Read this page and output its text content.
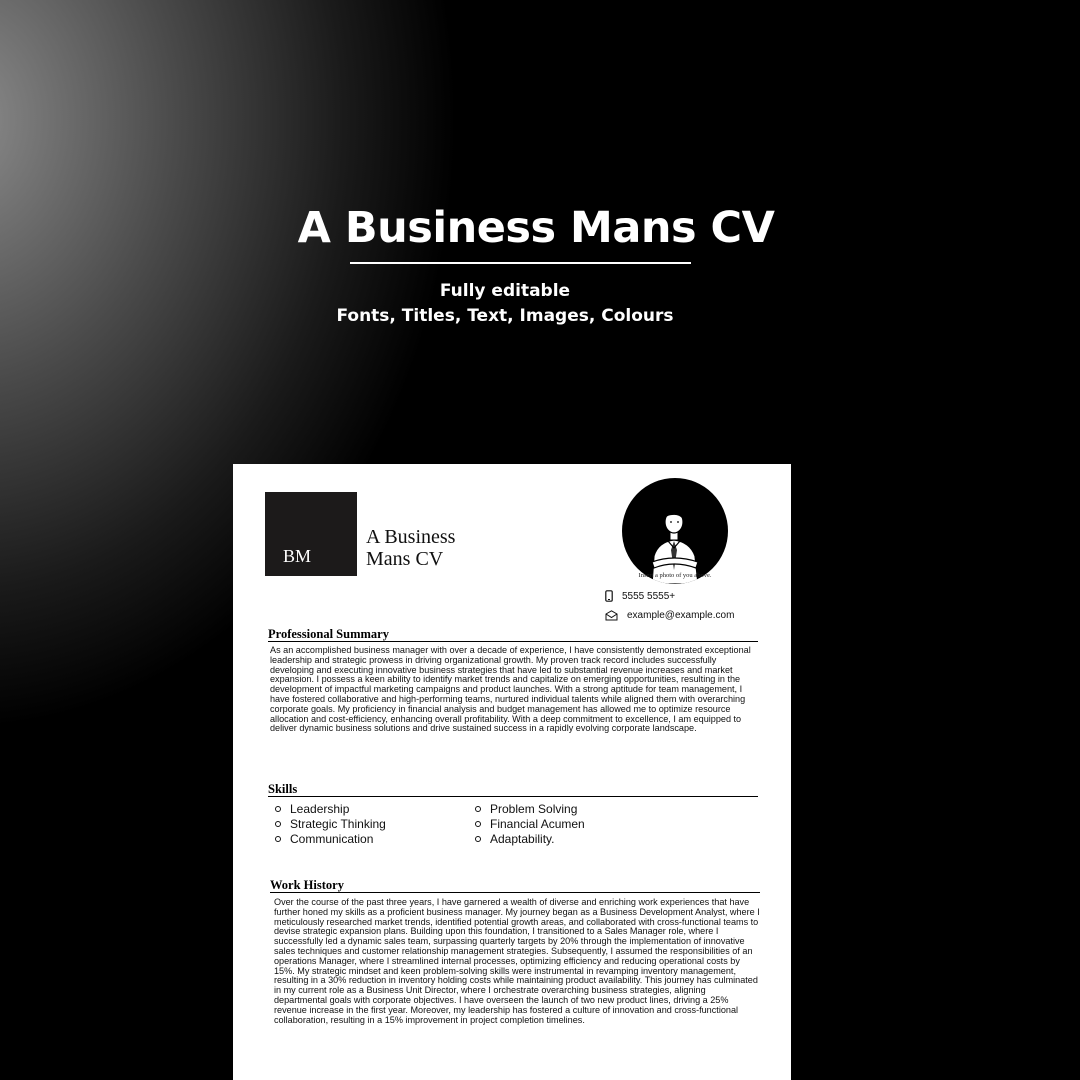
A Business Mans CV
Fully editable
Fonts, Titles, Text, Images, Colours
BM
A Business
Mans CV
Insert a photo of you above.
5555 5555+
example@example.com
Professional Summary
As an accomplished business manager with over a decade of experience, I have consistently demonstrated exceptional leadership and strategic prowess in driving organizational growth. My proven track record includes successfully developing and executing innovative business strategies that have led to substantial revenue increases and market expansion. I possess a keen ability to identify market trends and capitalize on emerging opportunities, resulting in the development of impactful marketing campaigns and product launches. With a strong aptitude for team management, I have fostered collaborative and high-performing teams, nurtured individual talents while aligned them with overarching corporate goals. My proficiency in financial analysis and budget management has allowed me to optimize resource allocation and cost-efficiency, enhancing overall profitability. With a deep commitment to excellence, I am equipped to deliver dynamic business solutions and drive sustained success in a rapidly evolving corporate landscape.
Skills
Leadership
Strategic Thinking
Communication
Problem Solving
Financial Acumen
Adaptability.
Work History
Over the course of the past three years, I have garnered a wealth of diverse and enriching work experiences that have further honed my skills as a proficient business manager. My journey began as a Business Development Analyst, where I meticulously researched market trends, identified potential growth areas, and collaborated with cross-functional teams to devise strategic expansion plans. Building upon this foundation, I transitioned to a Sales Manager role, where I successfully led a dynamic sales team, surpassing quarterly targets by 20% through the implementation of innovative sales techniques and customer relationship management strategies. Subsequently, I assumed the responsibilities of an operations Manager, where I streamlined internal processes, optimizing efficiency and reducing operational costs by 15%. My strategic mindset and keen problem-solving skills were instrumental in revamping inventory management, resulting in a 30% reduction in inventory holding costs while maintaining product availability. This journey has culminated in my current role as a Business Unit Director, where I orchestrate overarching business strategies, aligning departmental goals with corporate objectives. I have overseen the launch of two new product lines, driving a 25% revenue increase in the first year. Moreover, my leadership has fostered a culture of innovation and cross-functional collaboration, resulting in a 15% improvement in project completion timelines.
